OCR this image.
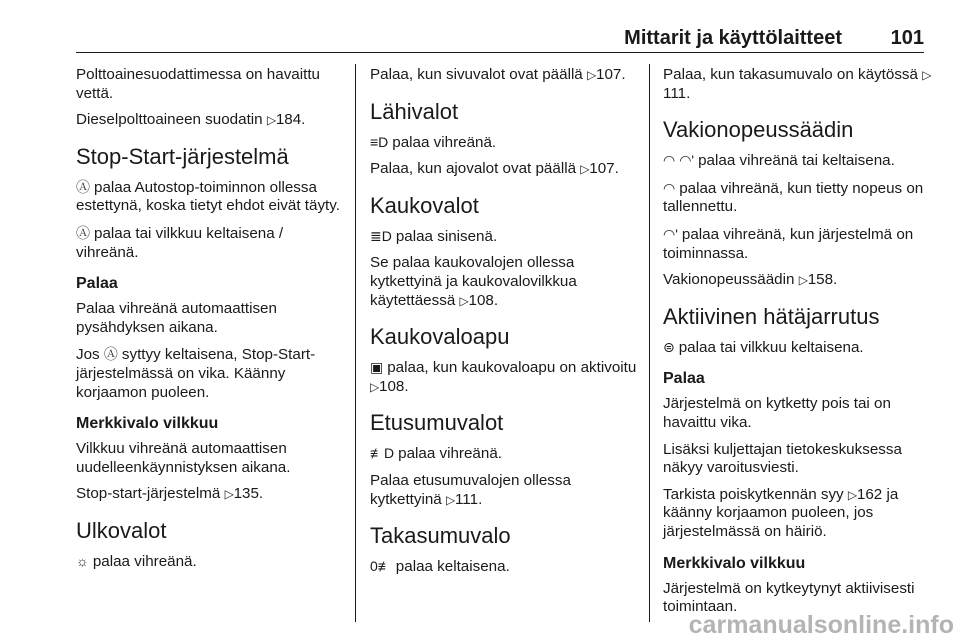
Mittarit ja käyttölaitteet 101

Polttoainesuodattimessa on havaittu vettä.

Dieselpolttoaineen suodatin ▷184.

Stop-Start-järjestelmä

Ⓐ palaa Autostop-toiminnon ollessa estettynä, koska tietyt ehdot eivät täyty.

Ⓐ palaa tai vilkkuu keltaisena / vihreänä.

Palaa

Palaa vihreänä automaattisen pysähdyksen aikana.

Jos Ⓐ syttyy keltaisena, Stop-Start-järjestelmässä on vika. Käänny korjaamon puoleen.

Merkkivalo vilkkuu

Vilkkuu vihreänä automaattisen uudelleenkäynnistyksen aikana.

Stop-start-järjestelmä ▷135.

Ulkovalot

☼ palaa vihreänä.

Palaa, kun sivuvalot ovat päällä ▷107.

Lähivalot

≡D palaa vihreänä.

Palaa, kun ajovalot ovat päällä ▷107.

Kaukovalot

≣D palaa sinisenä.

Se palaa kaukovalojen ollessa kytkettyinä ja kaukovalovilkkua käytettäessä ▷108.

Kaukovaloapu

▣ palaa, kun kaukovaloapu on aktivoitu ▷108.

Etusumuvalot

≢D palaa vihreänä.

Palaa etusumuvalojen ollessa kytkettyinä ▷111.

Takasumuvalo

0≢ palaa keltaisena.

Palaa, kun takasumuvalo on käytössä ▷111.

Vakionopeussäädin

◠ ◠' palaa vihreänä tai keltaisena.

◠ palaa vihreänä, kun tietty nopeus on tallennettu.

◠' palaa vihreänä, kun järjestelmä on toiminnassa.

Vakionopeussäädin ▷158.

Aktiivinen hätäjarrutus

⊜ palaa tai vilkkuu keltaisena.

Palaa

Järjestelmä on kytketty pois tai on havaittu vika.

Lisäksi kuljettajan tietokeskuksessa näkyy varoitusviesti.

Tarkista poiskytkennän syy ▷162 ja käänny korjaamon puoleen, jos järjestelmässä on häiriö.

Merkkivalo vilkkuu

Järjestelmä on kytkeytynyt aktiivisesti toimintaan.

carmanualsonline.info
